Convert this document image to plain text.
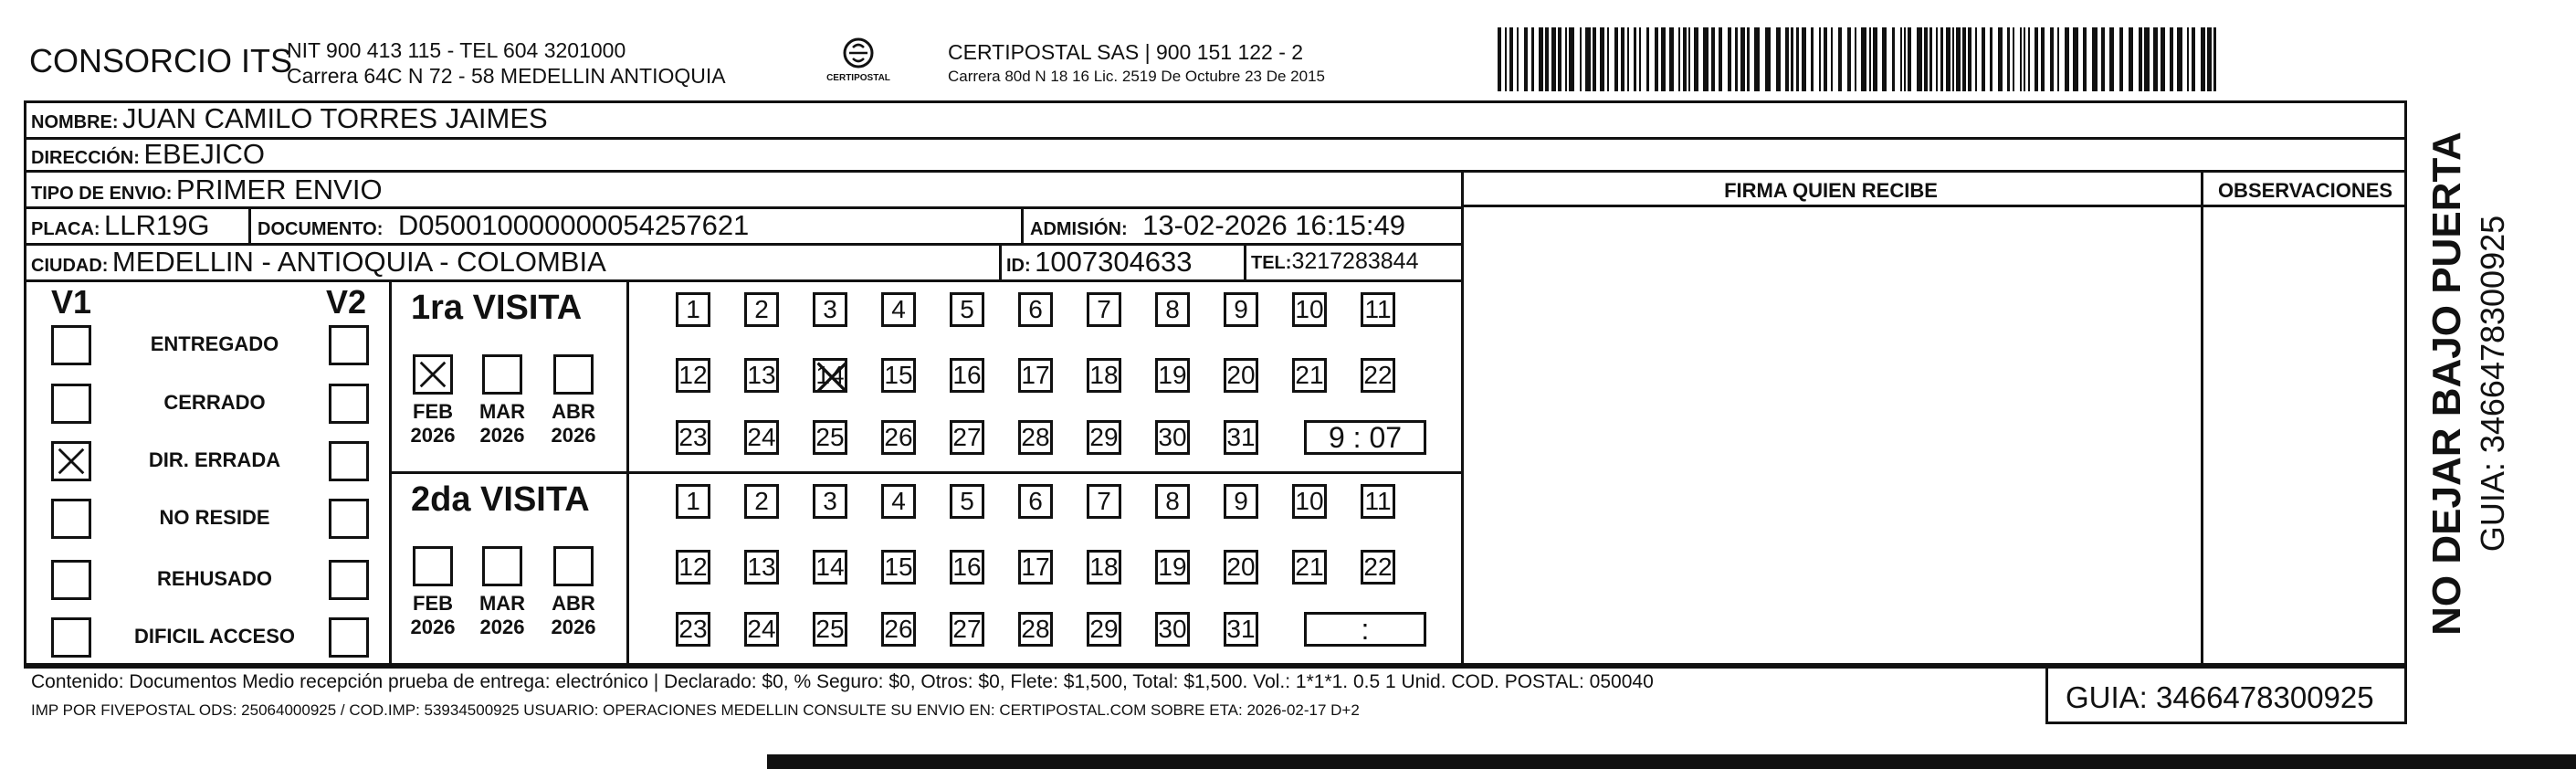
CONSORCIO ITS
NIT 900 413 115 - TEL 604 3201000
Carrera 64C N 72 - 58 MEDELLIN ANTIOQUIA	CERTIPOSTAL
CERTIPOSTAL SAS | 900 151 122 - 2
Carrera 80d N 18 16 Lic. 2519 De Octubre 23 De 2015
FIRMA QUIEN RECIBE	OBSERVACIONES
NOMBRE: JUAN CAMILO TORRES JAIMES
DIRECCIÓN: EBEJICO
TIPO DE ENVIO: PRIMER ENVIO
PLACA: LLR19G	DOCUMENTO: D050010000000054257621	ADMISIÓN: 13-02-2026 16:15:49
CIUDAD: MEDELLIN - ANTIOQUIA - COLOMBIA	ID: 1007304633	TEL:3217283844
V1	V2
ENTREGADO
CERRADO
DIR. ERRADA
NO RESIDE
REHUSADO
DIFICIL ACCESO
1ra VISITA
FEB
2026
MAR
2026
ABR
2026
1	2	3	4	5	6	7	8	9	10 11
12 13 14 15 16 17 18 19 20 21 22
23 24 25 26 27 28 29 30 31	9 : 07
2da VISITA
FEB
2026
MAR
2026
ABR
2026
1	2	3	4	5	6	7	8	9	10 11
12 13 14 15 16 17 18 19 20 21 22
23 24 25 26 27 28 29 30 31	:
Contenido: Documentos Medio recepción prueba de entrega: electrónico | Declarado: $0, % Seguro: $0, Otros: $0, Flete: $1,500, Total: $1,500. Vol.: 1*1*1. 0.5 1 Unid. COD. POSTAL: 050040
IMP POR FIVEPOSTAL ODS: 25064000925 / COD.IMP: 53934500925 USUARIO: OPERACIONES MEDELLIN CONSULTE SU ENVIO EN: CERTIPOSTAL.COM SOBRE ETA: 2026-02-17 D+2	GUIA: 3466478300925
NO DEJAR BAJO PUERTA GUIA: 3466478300925
